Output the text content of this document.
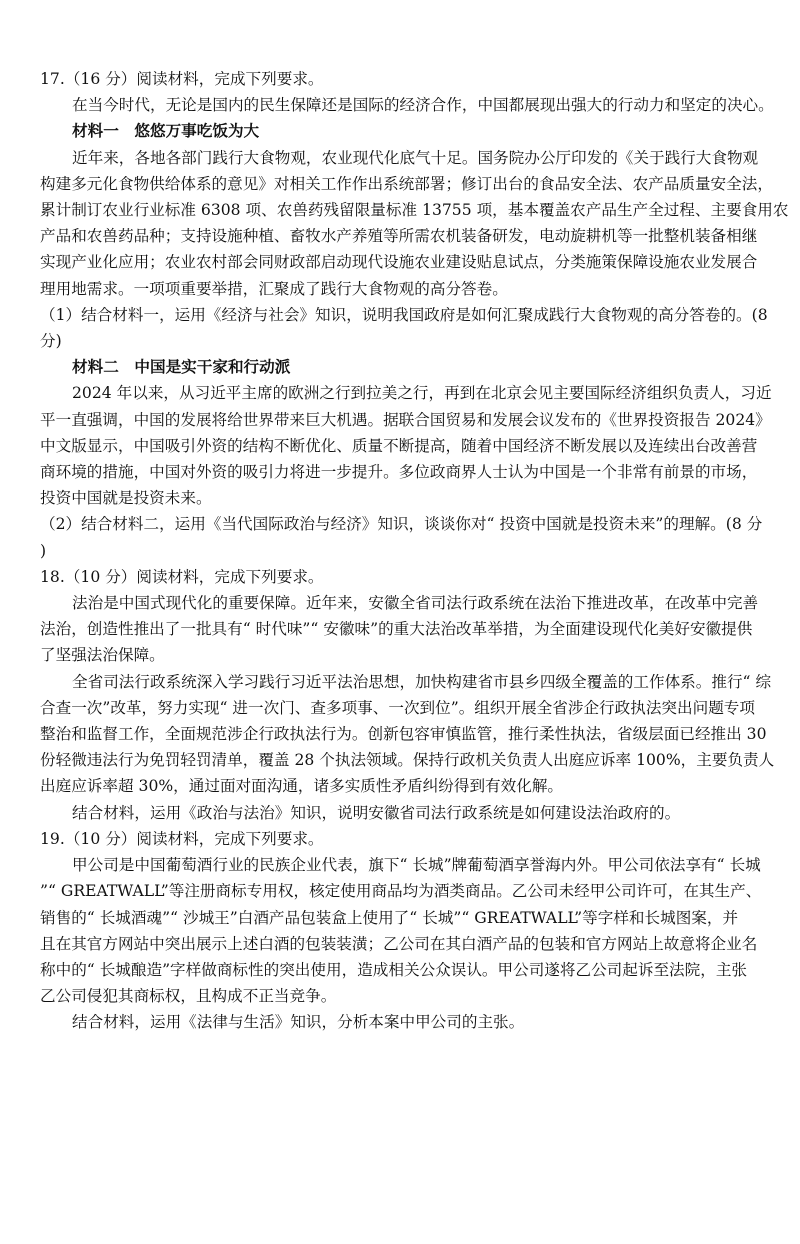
17.（16 分）阅读材料，完成下列要求。
在当今时代，无论是国内的民生保障还是国际的经济合作，中国都展现出强大的行动力和坚定的决心。
材料一　悠悠万事吃饭为大
近年来，各地各部门践行大食物观，农业现代化底气十足。国务院办公厅印发的《关于践行大食物观
构建多元化食物供给体系的意见》对相关工作作出系统部署；修订出台的食品安全法、农产品质量安全法，
累计制订农业行业标准 6308 项、农兽药残留限量标准 13755 项，基本覆盖农产品生产全过程、主要食用农
产品和农兽药品种；支持设施种植、畜牧水产养殖等所需农机装备研发，电动旋耕机等一批整机装备相继
实现产业化应用；农业农村部会同财政部启动现代设施农业建设贴息试点，分类施策保障设施农业发展合
理用地需求。一项项重要举措，汇聚成了践行大食物观的高分答卷。
（1）结合材料一，运用《经济与社会》知识，说明我国政府是如何汇聚成践行大食物观的高分答卷的。(8
分)
材料二　中国是实干家和行动派
2024 年以来，从习近平主席的欧洲之行到拉美之行，再到在北京会见主要国际经济组织负责人，习近
平一直强调，中国的发展将给世界带来巨大机遇。据联合国贸易和发展会议发布的《世界投资报告 2024》
中文版显示，中国吸引外资的结构不断优化、质量不断提高，随着中国经济不断发展以及连续出台改善营
商环境的措施，中国对外资的吸引力将进一步提升。多位政商界人士认为中国是一个非常有前景的市场，
投资中国就是投资未来。
（2）结合材料二，运用《当代国际政治与经济》知识，谈谈你对“ 投资中国就是投资未来”的理解。(8 分
)
18.（10 分）阅读材料，完成下列要求。
法治是中国式现代化的重要保障。近年来，安徽全省司法行政系统在法治下推进改革，在改革中完善
法治，创造性推出了一批具有“ 时代味”“ 安徽味”的重大法治改革举措，为全面建设现代化美好安徽提供
了坚强法治保障。
全省司法行政系统深入学习践行习近平法治思想，加快构建省市县乡四级全覆盖的工作体系。推行“ 综
合查一次”改革，努力实现“ 进一次门、查多项事、一次到位”。组织开展全省涉企行政执法突出问题专项
整治和监督工作，全面规范涉企行政执法行为。创新包容审慎监管，推行柔性执法，省级层面已经推出 30
份轻微违法行为免罚轻罚清单，覆盖 28 个执法领域。保持行政机关负责人出庭应诉率 100%，主要负责人
出庭应诉率超 30%，通过面对面沟通，诸多实质性矛盾纠纷得到有效化解。
结合材料，运用《政治与法治》知识，说明安徽省司法行政系统是如何建设法治政府的。
19.（10 分）阅读材料，完成下列要求。
甲公司是中国葡萄酒行业的民族企业代表，旗下“ 长城”牌葡萄酒享誉海内外。甲公司依法享有“ 长城
”“ GREATWALL”等注册商标专用权，核定使用商品均为酒类商品。乙公司未经甲公司许可，在其生产、
销售的“ 长城酒魂”“ 沙城王”白酒产品包装盒上使用了“ 长城”“ GREATWALL”等字样和长城图案，并
且在其官方网站中突出展示上述白酒的包装装潢；乙公司在其白酒产品的包装和官方网站上故意将企业名
称中的“ 长城酿造”字样做商标性的突出使用，造成相关公众误认。甲公司遂将乙公司起诉至法院，主张
乙公司侵犯其商标权，且构成不正当竞争。
结合材料，运用《法律与生活》知识，分析本案中甲公司的主张。
